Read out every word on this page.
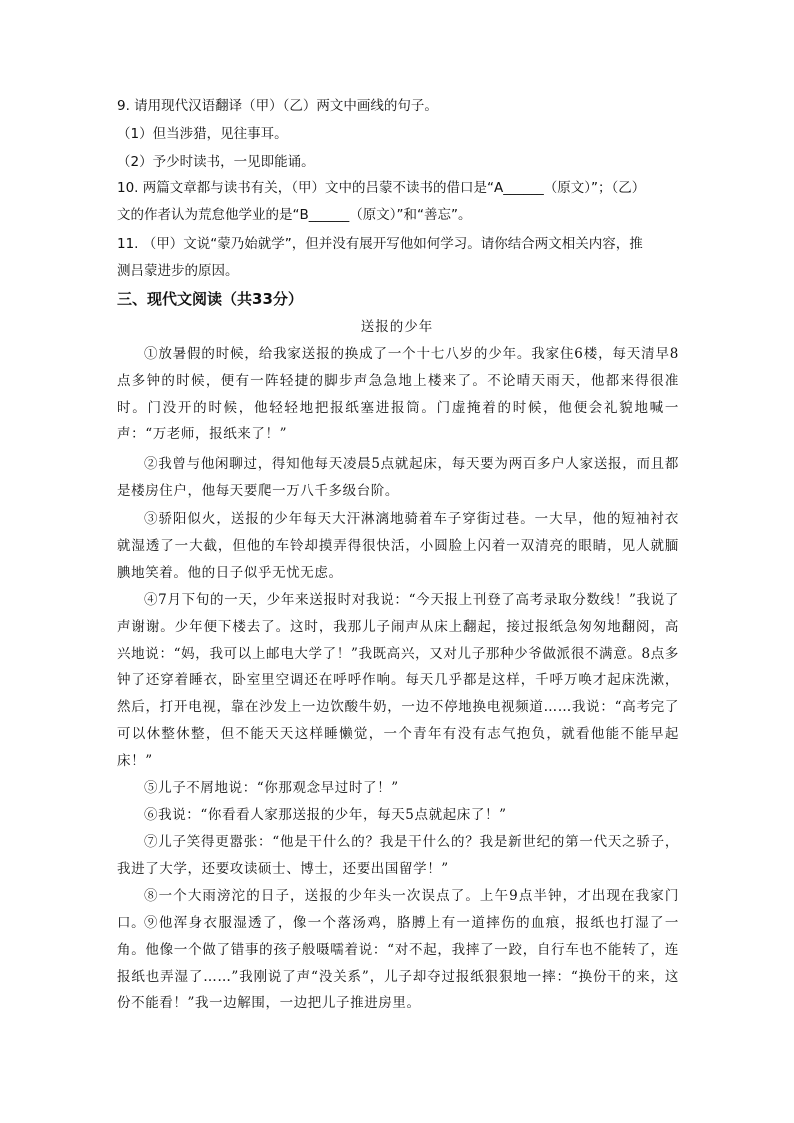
9. 请用现代汉语翻译（甲）（乙）两文中画线的句子。
（1）但当涉猎，见往事耳。
（2）予少时读书，一见即能诵。
10. 两篇文章都与读书有关，（甲）文中的吕蒙不读书的借口是“A______（原文）”；（乙）
文的作者认为荒怠他学业的是“B______（原文）”和“善忘”。
11. （甲）文说“蒙乃始就学”，但并没有展开写他如何学习。请你结合两文相关内容，推
测吕蒙进步的原因。
三、现代文阅读（共33分）
送报的少年
①放暑假的时候，给我家送报的换成了一个十七八岁的少年。我家住6楼，每天清早8点多钟的时候，便有一阵轻捷的脚步声急急地上楼来了。不论晴天雨天，他都来得很准时。门没开的时候，他轻轻地把报纸塞进报筒。门虚掩着的时候，他便会礼貌地喊一声：“万老师，报纸来了！”
②我曾与他闲聊过，得知他每天凌晨5点就起床，每天要为两百多户人家送报，而且都是楼房住户，他每天要爬一万八千多级台阶。
③骄阳似火，送报的少年每天大汗淋漓地骑着车子穿街过巷。一大早，他的短袖衬衣就湿透了一大截，但他的车铃却摸弄得很快活，小圆脸上闪着一双清亮的眼睛，见人就腼腆地笑着。他的日子似乎无忧无虑。
④7月下旬的一天，少年来送报时对我说：“今天报上刊登了高考录取分数线！”我说了声谢谢。少年便下楼去了。这时，我那儿子闹声从床上翻起，接过报纸急匆匆地翻阅，高兴地说：“妈，我可以上邮电大学了！”我既高兴，又对儿子那种少爷做派很不满意。8点多钟了还穿着睡衣，卧室里空调还在呼呼作响。每天几乎都是这样，千呼万唤才起床洗漱，然后，打开电视，靠在沙发上一边饮酸牛奶，一边不停地换电视频道……我说：“高考完了可以休整休整，但不能天天这样睡懒觉，一个青年有没有志气抱负，就看他能不能早起床！”
⑤儿子不屑地说：“你那观念早过时了！”
⑥我说：“你看看人家那送报的少年，每天5点就起床了！”
⑦儿子笑得更嚣张：“他是干什么的？我是干什么的？我是新世纪的第一代天之骄子，我进了大学，还要攻读硕士、博士，还要出国留学！”
⑧一个大雨滂沱的日子，送报的少年头一次误点了。上午9点半钟，才出现在我家门口。
⑨他浑身衣服湿透了，像一个落汤鸡，胳膊上有一道摔伤的血痕，报纸也打湿了一角。他像一个做了错事的孩子般嗫嚅着说：“对不起，我摔了一跤，自行车也不能转了，连报纸也弄湿了……”我刚说了声“没关系”，儿子却夺过报纸狠狠地一摔：“换份干的来，这份不能看！”我一边解围，一边把儿子推进房里。
